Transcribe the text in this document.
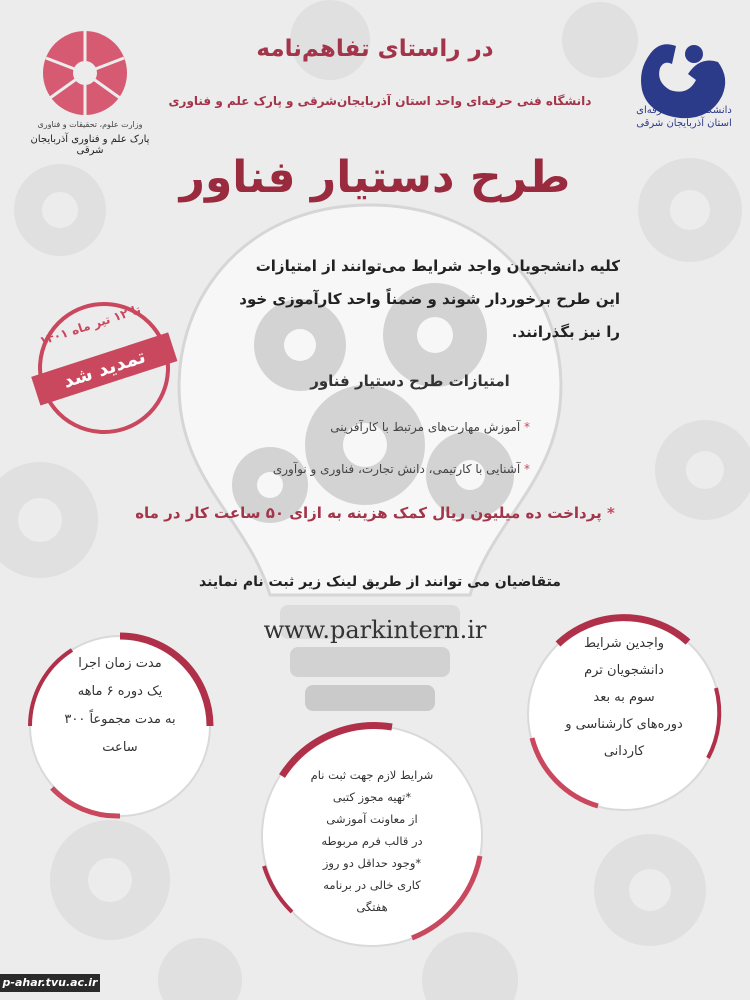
دانشگاه فنی و حرفه‌ای
استان آذربایجان شرقی
وزارت علوم، تحقیقات و فناوری
پارک علم و فناوری آذربایجان شرقی
در راستای تفاهم‌نامه
دانشگاه فنی حرفه‌ای واحد استان آذربایجان‌شرقی و پارک علم و فناوری
طرح دستیار فناور
کلیه دانشجویان واجد شرایط می‌توانند از امتیازات
این طرح برخوردار شوند و ضمناً واحد کارآموزی خود
را نیز بگذرانند.
تا ۱۲ تیر ماه ۱۴۰۱
تمدید شد	امتیازات طرح دستیار فناور
* آموزش مهارت‌های مرتبط با کارآفرینی
* آشنایی با کارتیمی، دانش تجارت، فناوری و نوآوری
* پرداخت ده میلیون ریال کمک هزینه به ازای ۵۰ ساعت کار در ماه
متقاضیان می توانند از طریق لینک زیر ثبت نام نمایند
www.parkintern.ir
مدت زمان اجرا
یک دوره ۶ ماهه
به مدت مجموعاً ۳۰۰
ساعت
واجدین شرایط
دانشجویان ترم
سوم به بعد
دوره‌های کارشناسی و
کاردانی
شرایط لازم جهت ثبت نام
*تهیه مجوز کتبی
از معاونت آموزشی
در قالب فرم مربوطه
*وجود حداقل دو روز
کاری خالی در برنامه
هفتگی
p-ahar.tvu.ac.ir
